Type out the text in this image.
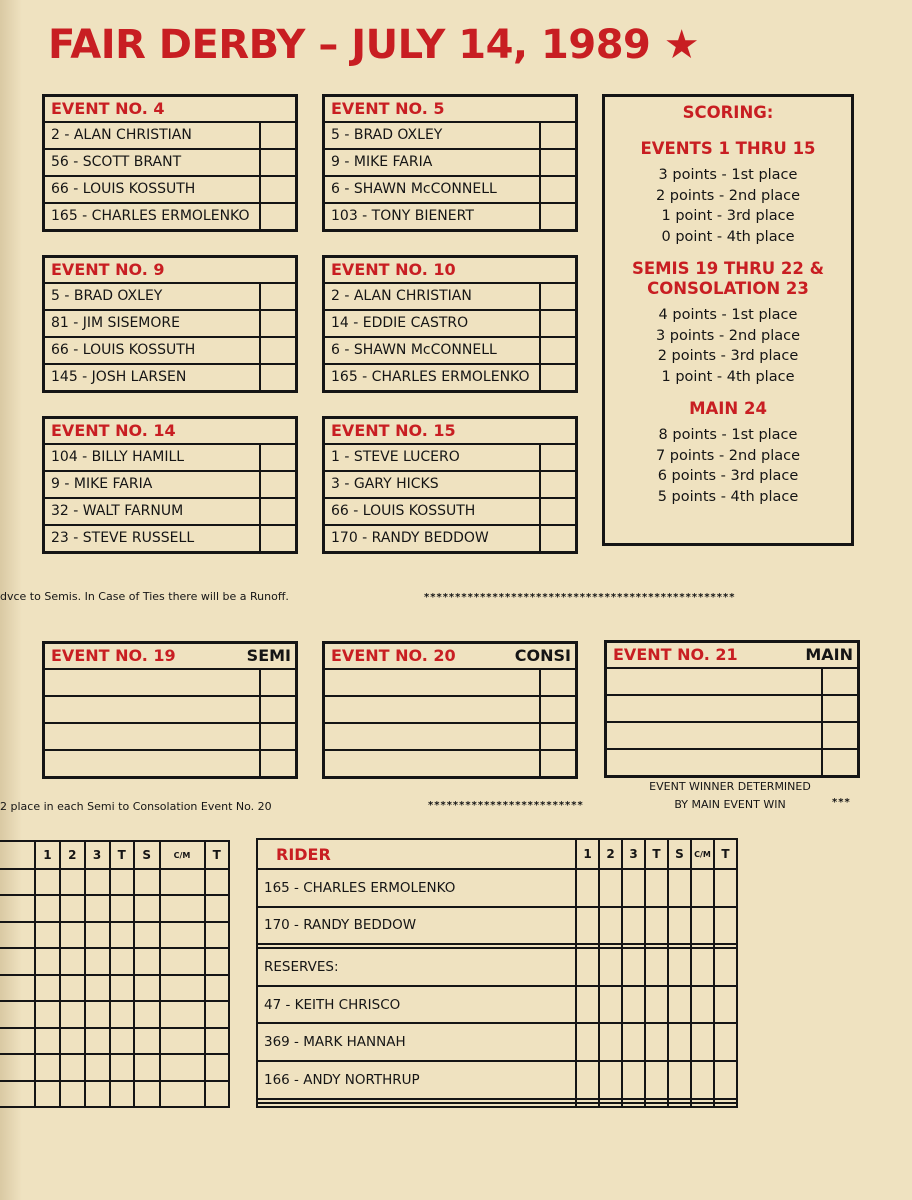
FAIR DERBY – JULY 14, 1989 ★
EVENT NO. 4
2 - ALAN CHRISTIAN
56 - SCOTT BRANT
66 - LOUIS KOSSUTH
165 - CHARLES ERMOLENKO
EVENT NO. 5
5 - BRAD OXLEY
9 - MIKE FARIA
6 - SHAWN McCONNELL
103 - TONY BIENERT
EVENT NO. 9
5 - BRAD OXLEY
81 - JIM SISEMORE
66 - LOUIS KOSSUTH
145 - JOSH LARSEN
EVENT NO. 10
2 - ALAN CHRISTIAN
14 - EDDIE CASTRO
6 - SHAWN McCONNELL
165 - CHARLES ERMOLENKO
EVENT NO. 14
104 - BILLY HAMILL
9 - MIKE FARIA
32 - WALT FARNUM
23 - STEVE RUSSELL
EVENT NO. 15
1 - STEVE LUCERO
3 - GARY HICKS
66 - LOUIS KOSSUTH
170 - RANDY BEDDOW
SCORING:
EVENTS 1 THRU 15
3 points - 1st place
2 points - 2nd place
1 point - 3rd place
0 point - 4th place
SEMIS 19 THRU 22 &
CONSOLATION 23
4 points - 1st place
3 points - 2nd place
2 points - 3rd place
1 point - 4th place
MAIN 24
8 points - 1st place
7 points - 2nd place
6 points - 3rd place
5 points - 4th place
dvce to Semis. In Case of Ties there will be a Runoff.	**************************************************
EVENT NO. 19	SEMI	EVENT NO. 20	CONSI	EVENT NO. 21	MAIN
EVENT WINNER DETERMINED
BY MAIN EVENT WIN	***
2 place in each Semi to Consolation Event No. 20	*************************
	1	2	3	T	S	C/M	T

								RIDER	1	2	3	T	S	C/M	T
165 - CHARLES ERMOLENKO							
170 - RANDY BEDDOW							

RESERVES:							
47 - KEITH CHRISCO							
369 - MARK HANNAH							
166 - ANDY NORTHRUP							
